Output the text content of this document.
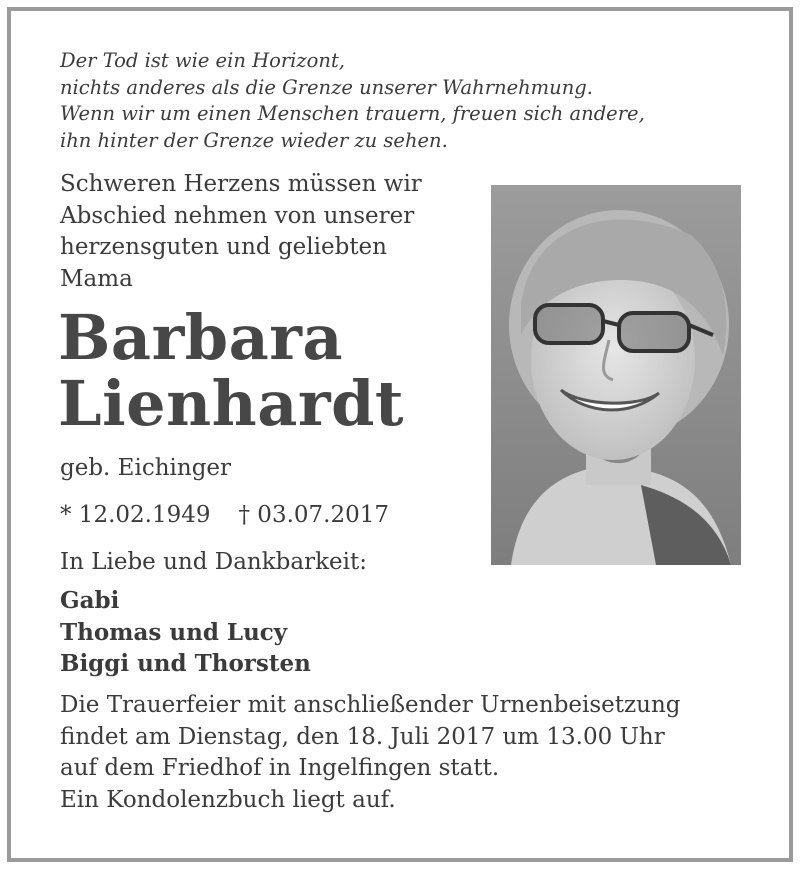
Der Tod ist wie ein Horizont,
nichts anderes als die Grenze unserer Wahrnehmung.
Wenn wir um einen Menschen trauern, freuen sich andere,
ihn hinter der Grenze wieder zu sehen.
Schweren Herzens müssen wir
Abschied nehmen von unserer
herzensguten und geliebten
Mama
Barbara
Lienhardt
geb. Eichinger
* 12.02.1949 † 03.07.2017
In Liebe und Dankbarkeit:
Gabi
Thomas und Lucy
Biggi und Thorsten
Die Trauerfeier mit anschließender Urnenbeisetzung
findet am Dienstag, den 18. Juli 2017 um 13.00 Uhr
auf dem Friedhof in Ingelfingen statt.
Ein Kondolenzbuch liegt auf.
